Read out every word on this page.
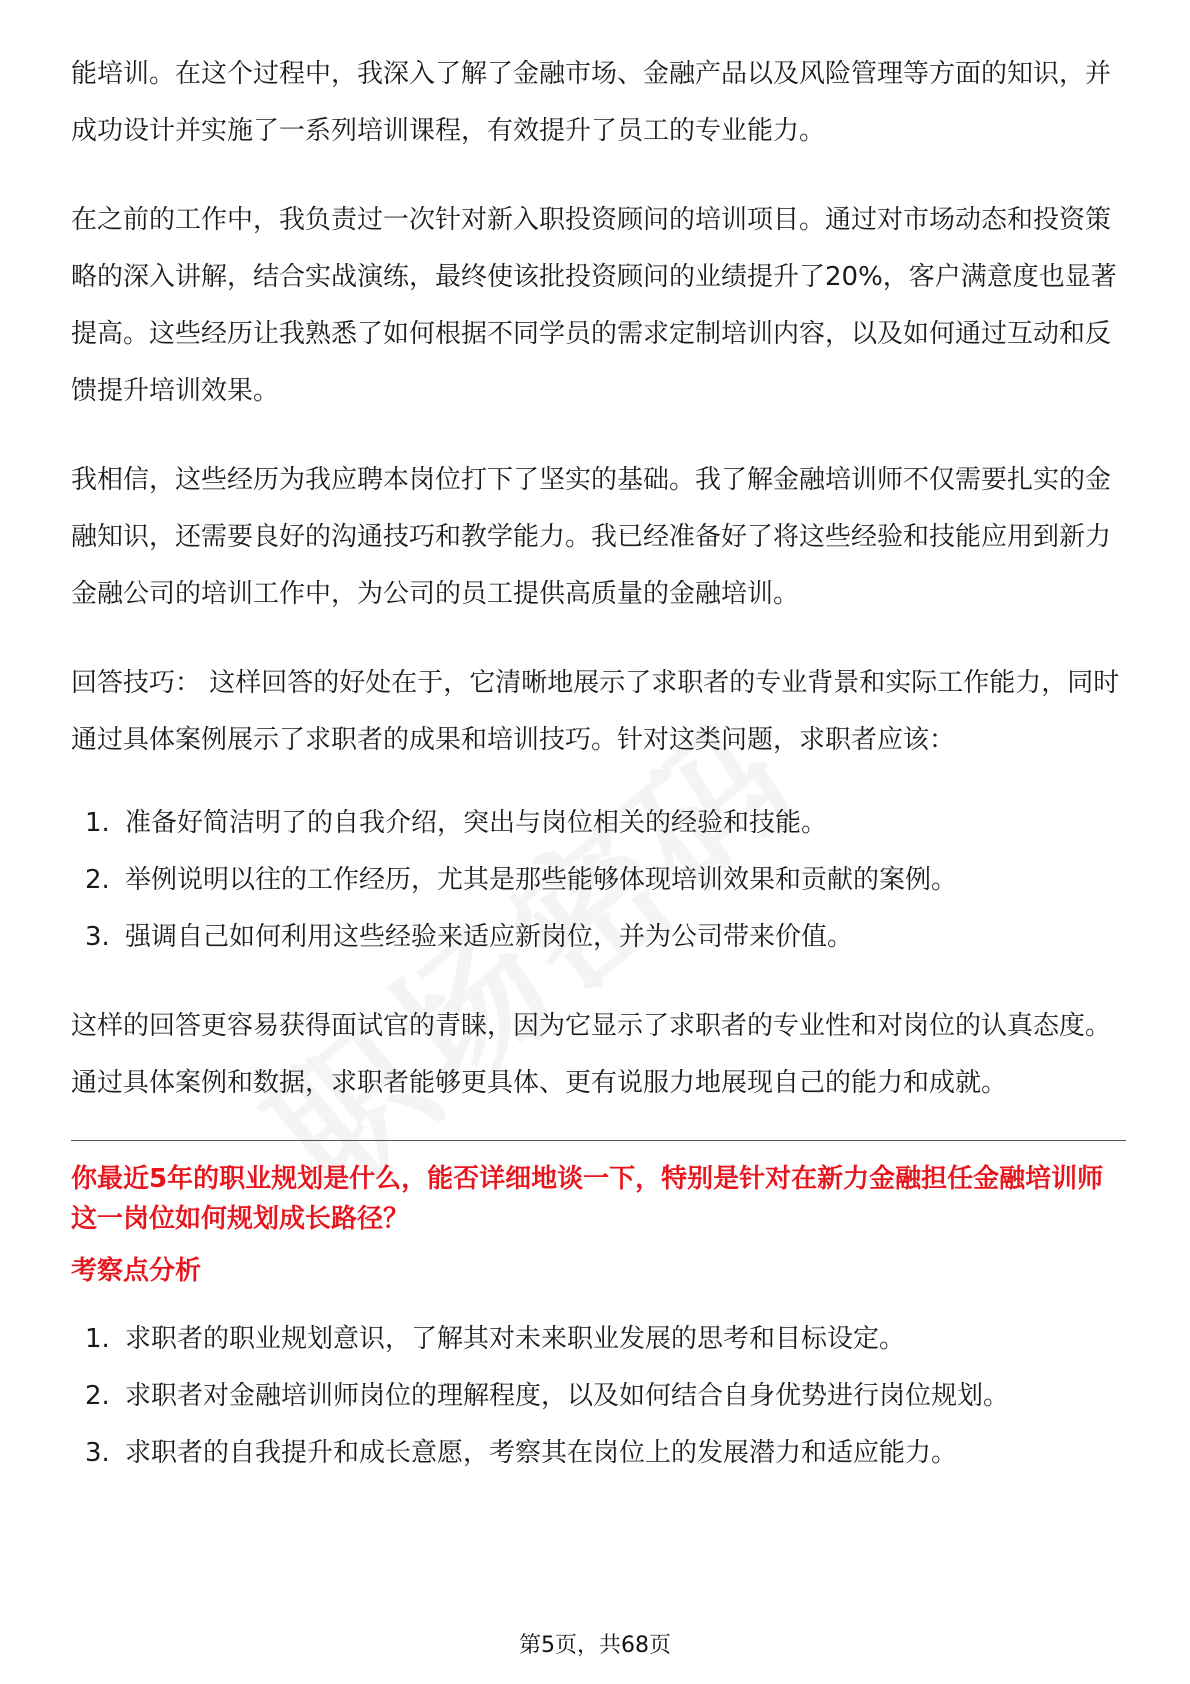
能培训。在这个过程中，我深入了解了金融市场、金融产品以及风险管理等方面的知识，并成功设计并实施了一系列培训课程，有效提升了员工的专业能力。

在之前的工作中，我负责过一次针对新入职投资顾问的培训项目。通过对市场动态和投资策略的深入讲解，结合实战演练，最终使该批投资顾问的业绩提升了20%，客户满意度也显著提高。这些经历让我熟悉了如何根据不同学员的需求定制培训内容，以及如何通过互动和反馈提升培训效果。

我相信，这些经历为我应聘本岗位打下了坚实的基础。我了解金融培训师不仅需要扎实的金融知识，还需要良好的沟通技巧和教学能力。我已经准备好了将这些经验和技能应用到新力金融公司的培训工作中，为公司的员工提供高质量的金融培训。

回答技巧： 这样回答的好处在于，它清晰地展示了求职者的专业背景和实际工作能力，同时通过具体案例展示了求职者的成果和培训技巧。针对这类问题，求职者应该：

1. 准备好简洁明了的自我介绍，突出与岗位相关的经验和技能。
2. 举例说明以往的工作经历，尤其是那些能够体现培训效果和贡献的案例。
3. 强调自己如何利用这些经验来适应新岗位，并为公司带来价值。

这样的回答更容易获得面试官的青睐，因为它显示了求职者的专业性和对岗位的认真态度。通过具体案例和数据，求职者能够更具体、更有说服力地展现自己的能力和成就。

你最近5年的职业规划是什么，能否详细地谈一下，特别是针对在新力金融担任金融培训师这一岗位如何规划成长路径？

考察点分析

1. 求职者的职业规划意识，了解其对未来职业发展的思考和目标设定。
2. 求职者对金融培训师岗位的理解程度，以及如何结合自身优势进行岗位规划。
3. 求职者的自我提升和成长意愿，考察其在岗位上的发展潜力和适应能力。
第5页，共68页
